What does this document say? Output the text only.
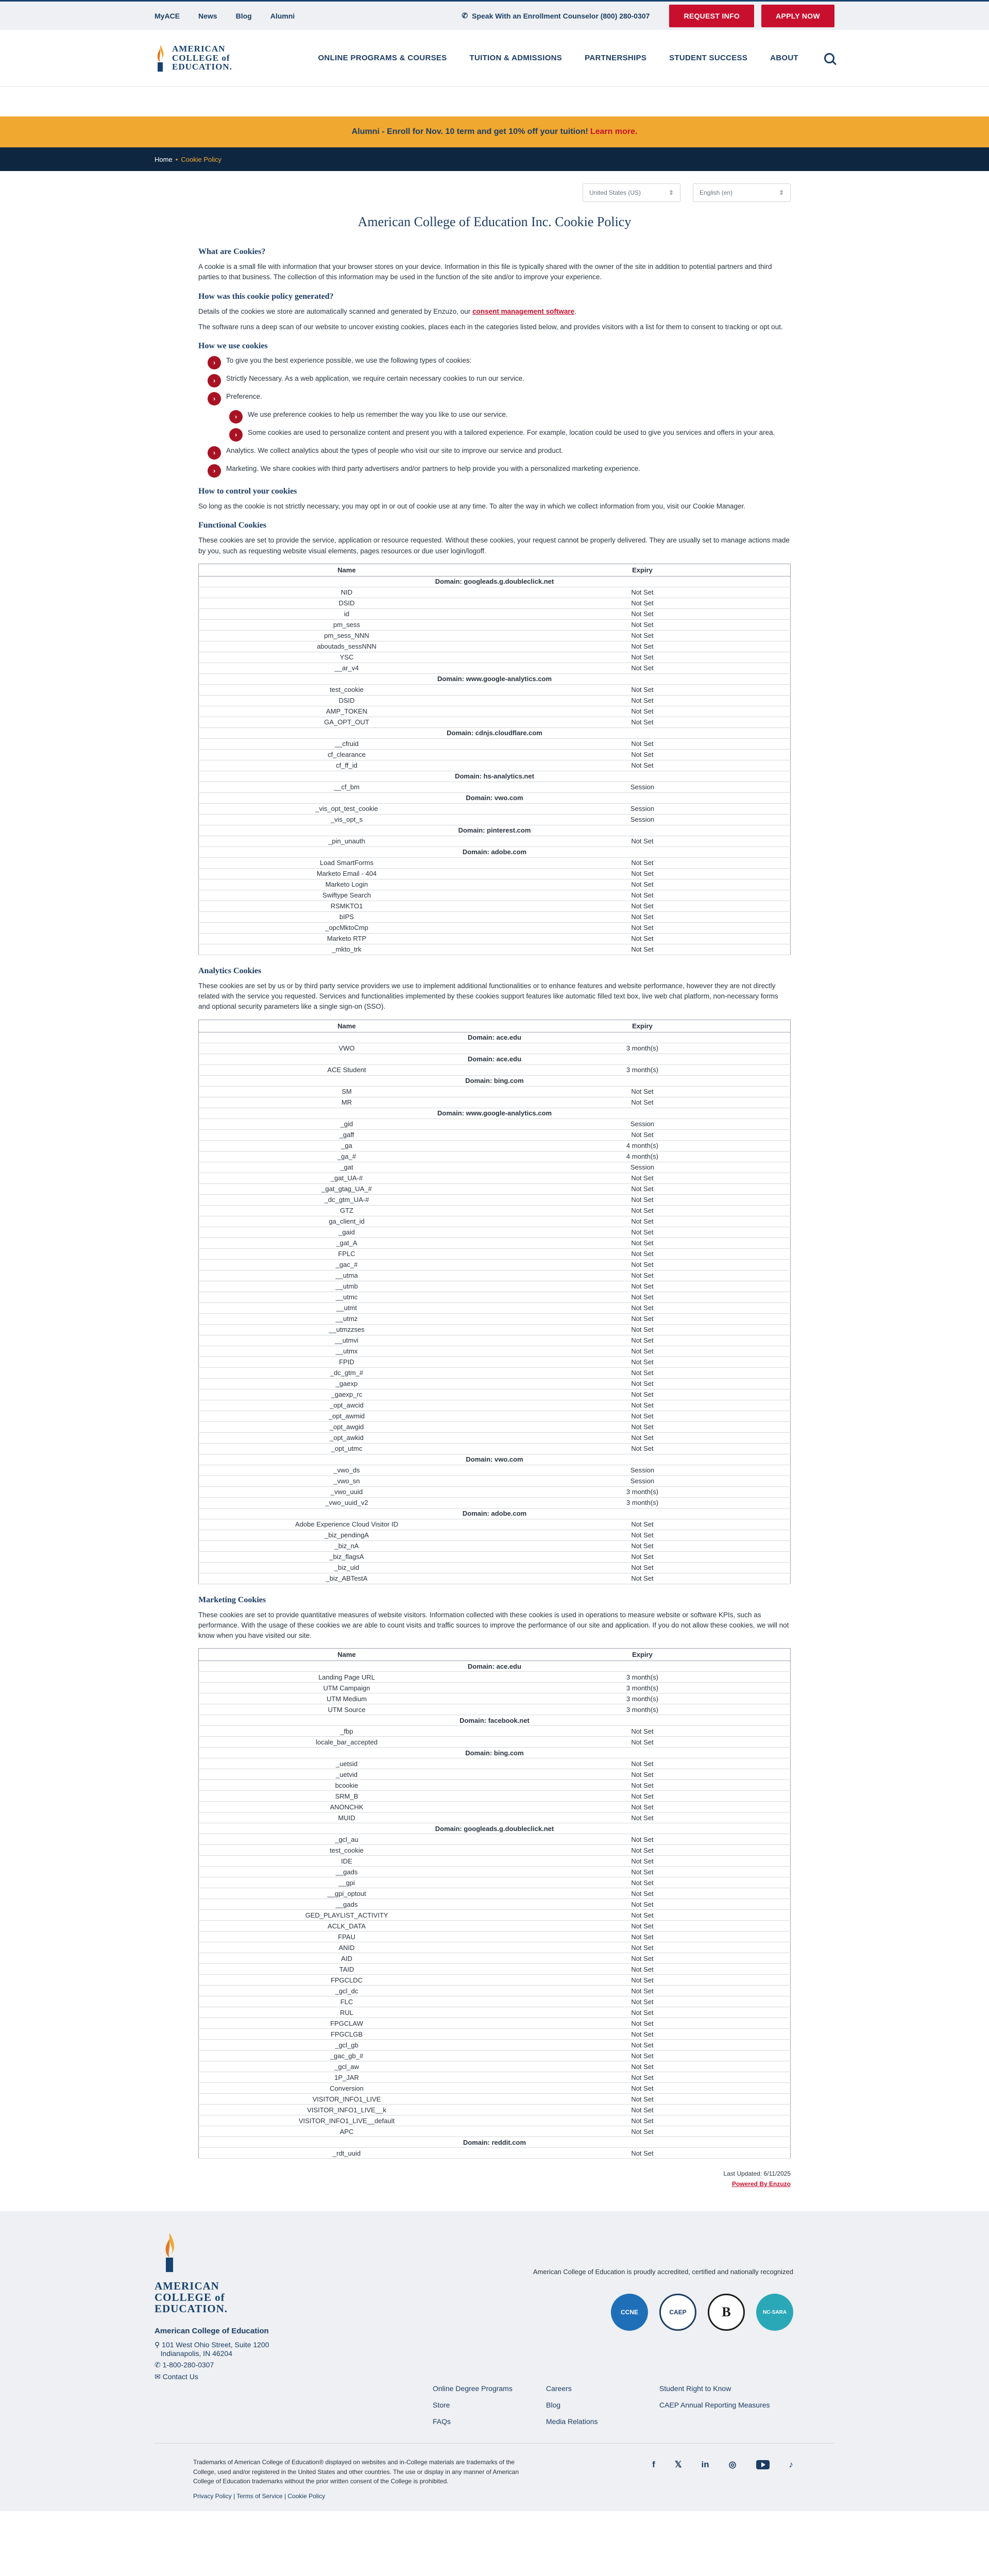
MyACE	News	Blog	Alumni	✆ Speak With an Enrollment Counselor (800) 280-0307	REQUEST INFO	APPLY NOW
AMERICAN
COLLEGE of
EDUCATION.
ONLINE PROGRAMS & COURSES	TUITION & ADMISSIONS	PARTNERSHIPS	STUDENT SUCCESS	ABOUT
Alumni - Enroll for Nov. 10 term and get 10% off your tuition! Learn more.
Home • Cookie Policy
United States (US)	⇕	English (en)	⇕
American College of Education Inc. Cookie Policy
What are Cookies?

A cookie is a small file with information that your browser stores on your device. Information in this file is typically shared with the owner of the site in addition to potential partners and third parties to that business. The collection of this information may be used in the function of the site and/or to improve your experience.

How was this cookie policy generated?

Details of the cookies we store are automatically scanned and generated by Enzuzo, our consent management software.

The software runs a deep scan of our website to uncover existing cookies, places each in the categories listed below, and provides visitors with a list for them to consent to tracking or opt out.

How we use cookies
›	To give you the best experience possible, we use the following types of cookies:
›	Strictly Necessary. As a web application, we require certain necessary cookies to run our service.
›	Preference.
›	We use preference cookies to help us remember the way you like to use our service.
›	Some cookies are used to personalize content and present you with a tailored experience. For example, location could be used to give you services and offers in your area.
›	Analytics. We collect analytics about the types of people who visit our site to improve our service and product.
›	Marketing. We share cookies with third party advertisers and/or partners to help provide you with a personalized marketing experience.
How to control your cookies

So long as the cookie is not strictly necessary, you may opt in or out of cookie use at any time. To alter the way in which we collect information from you, visit our Cookie Manager.

Functional Cookies

These cookies are set to provide the service, application or resource requested. Without these cookies, your request cannot be properly delivered. They are usually set to manage actions made by you, such as requesting website visual elements, pages resources or due user login/logoff.

Name	Expiry
Domain: googleads.g.doubleclick.net	
NID	Not Set
DSID	Not Set
id	Not Set
pm_sess	Not Set
pm_sess_NNN	Not Set
aboutads_sessNNN	Not Set
YSC	Not Set
__ar_v4	Not Set
Domain: www.google-analytics.com	
test_cookie	Not Set
DSID	Not Set
AMP_TOKEN	Not Set
GA_OPT_OUT	Not Set
Domain: cdnjs.cloudflare.com	
__cfruid	Not Set
cf_clearance	Not Set
cf_ff_id	Not Set
Domain: hs-analytics.net	
__cf_bm	Session
Domain: vwo.com	
_vis_opt_test_cookie	Session
_vis_opt_s	Session
Domain: pinterest.com	
_pin_unauth	Not Set
Domain: adobe.com	
Load SmartForms	Not Set
Marketo Email - 404	Not Set
Marketo Login	Not Set
Swiftype Search	Not Set
RSMKTO1	Not Set
bIPS	Not Set
_opcMktoCmp	Not Set
Marketo RTP	Not Set
_mkto_trk	Not Set
Analytics Cookies

These cookies are set by us or by third party service providers we use to implement additional functionalities or to enhance features and website performance, however they are not directly related with the service you requested. Services and functionalities implemented by these cookies support features like automatic filled text box, live web chat platform, non-necessary forms and optional security parameters like a single sign-on (SSO).

Name	Expiry
Domain: ace.edu	
VWO	3 month(s)
Domain: ace.edu	
ACE Student	3 month(s)
Domain: bing.com	
SM	Not Set
MR	Not Set
Domain: www.google-analytics.com	
_gid	Session
_gaff	Not Set
_ga	4 month(s)
_ga_#	4 month(s)
_gat	Session
_gat_UA-#	Not Set
_gat_gtag_UA_#	Not Set
_dc_gtm_UA-#	Not Set
GTZ	Not Set
ga_client_id	Not Set
_gaid	Not Set
_gat_A	Not Set
FPLC	Not Set
_gac_#	Not Set
__utma	Not Set
__utmb	Not Set
__utmc	Not Set
__utmt	Not Set
__utmz	Not Set
__utmzzses	Not Set
__utmvi	Not Set
__utmx	Not Set
FPID	Not Set
_dc_gtm_#	Not Set
_gaexp	Not Set
_gaexp_rc	Not Set
_opt_awcid	Not Set
_opt_awmid	Not Set
_opt_awgid	Not Set
_opt_awkid	Not Set
_opt_utmc	Not Set
Domain: vwo.com	
_vwo_ds	Session
_vwo_sn	Session
_vwo_uuid	3 month(s)
_vwo_uuid_v2	3 month(s)
Domain: adobe.com	
Adobe Experience Cloud Visitor ID	Not Set
_biz_pendingA	Not Set
_biz_nA	Not Set
_biz_flagsA	Not Set
_biz_uid	Not Set
_biz_ABTestA	Not Set
Marketing Cookies

These cookies are set to provide quantitative measures of website visitors. Information collected with these cookies is used in operations to measure website or software KPIs, such as performance. With the usage of these cookies we are able to count visits and traffic sources to improve the performance of our site and application. If you do not allow these cookies, we will not know when you have visited our site.

Name	Expiry
Domain: ace.edu	
Landing Page URL	3 month(s)
UTM Campaign	3 month(s)
UTM Medium	3 month(s)
UTM Source	3 month(s)
Domain: facebook.net	
_fbp	Not Set
locale_bar_accepted	Not Set
Domain: bing.com	
_uetsid	Not Set
_uetvid	Not Set
bcookie	Not Set
SRM_B	Not Set
ANONCHK	Not Set
MUID	Not Set
Domain: googleads.g.doubleclick.net	
_gcl_au	Not Set
test_cookie	Not Set
IDE	Not Set
__gads	Not Set
__gpi	Not Set
__gpi_optout	Not Set
__gads	Not Set
GED_PLAYLIST_ACTIVITY	Not Set
ACLK_DATA	Not Set
FPAU	Not Set
ANID	Not Set
AID	Not Set
TAID	Not Set
FPGCLDC	Not Set
_gcl_dc	Not Set
FLC	Not Set
RUL	Not Set
FPGCLAW	Not Set
FPGCLGB	Not Set
_gcl_gb	Not Set
_gac_gb_#	Not Set
_gcl_aw	Not Set
1P_JAR	Not Set
Conversion	Not Set
VISITOR_INFO1_LIVE	Not Set
VISITOR_INFO1_LIVE__k	Not Set
VISITOR_INFO1_LIVE__default	Not Set
APC	Not Set
Domain: reddit.com	
_rdt_uuid	Not Set
Last Updated: 6/11/2025
Powered By Enzuzo
AMERICAN
COLLEGE of
EDUCATION.
American College of Education is proudly accredited, certified and nationally recognized
CCNE	CAEP	B	NC-SARA
American College of Education
⚲ 101 West Ohio Street, Suite 1200
Indianapolis, IN 46204
✆ 1-800-280-0307
✉ Contact Us
Online Degree Programs	Careers	Student Right to Know
Store	Blog	CAEP Annual Reporting Measures
FAQs	Media Relations
Trademarks of American College of Education® displayed on websites and in-College materials are trademarks of the College, used and/or registered in the United States and other countries. The use or display in any manner of American College of Education trademarks without the prior written consent of the College is prohibited.
Privacy Policy | Terms of Service | Cookie Policy
f 𝕏 in ◎	♪
